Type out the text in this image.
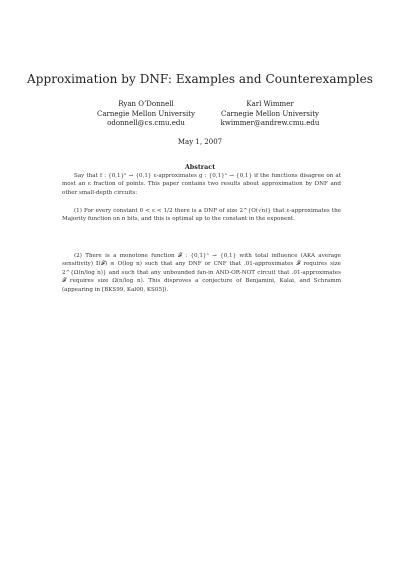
Approximation by DNF: Examples and Counterexamples
Ryan O’Donnell
Carnegie Mellon University
odonnell@cs.cmu.edu
Karl Wimmer
Carnegie Mellon University
kwimmer@andrew.cmu.edu
May 1, 2007
Abstract

Say that f : {0,1}ⁿ → {0,1} ε-approximates g : {0,1}ⁿ → {0,1} if the functions disagree on at most an ε fraction of points. This paper contains two results about approximation by DNF and other small-depth circuits:

(1) For every constant 0 < ε < 1/2 there is a DNF of size 2^{O(√n)} that ε-approximates the Majority function on n bits, and this is optimal up to the constant in the exponent.

(2) There is a monotone function 𝓕 : {0,1}ⁿ → {0,1} with total influence (AKA average sensitivity) 𝕀(𝓕) ≤ O(log n) such that any DNF or CNF that .01-approximates 𝓕 requires size 2^{Ω(n/log n)} and such that any unbounded fan-in AND-OR-NOT circuit that .01-approximates 𝓕 requires size Ω(n/log n). This disproves a conjecture of Benjamini, Kalai, and Schramm (appearing in [BKS99, Kal00, KS05]).
